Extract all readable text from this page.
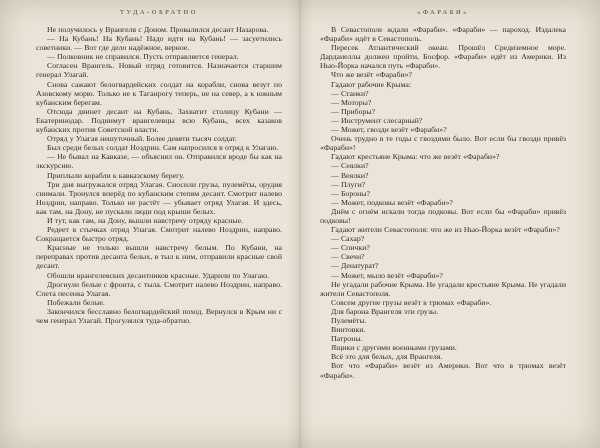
ТУДА-ОБРАТНО

Не получилось у Врангеля с Доном. Провалился десант Назарова.

— На Кубань! На Кубань! Надо идти на Кубань! — засуетились советники. — Вот где дело надёжное, верное.

— Полковник не справился. Пусть отправляется генерал.

Согласен Врангель. Новый отряд готовится. Назначается старшим генерал Улагай.

Снова сажают белогвардейских солдат на корабли, снова везут по Азовскому морю. Только не к Таганрогу теперь, не на север, а к южным кубанским берегам.

Отсюда двинет десант на Кубань. Захватит столицу Кубани — Екатеринодар. Поднимут врангелевцы всю Кубань, всех казаков кубанских против Советской власти.

Отряд у Улагая нешуточный. Более девяти тысяч солдат.

Был среди белых солдат Ноздрин. Сам напросился в отряд к Улагаю.

— Не бывал на Кавказе, — объяснял он. Отправился вроде бы как на экскурсию.

Приплыли корабли к кавказскому берегу.

Три дня выгружался отряд Улагая. Сносили грузы, пулемёты, орудия снимали. Тронулся вперёд по кубанским степям десант. Смотрит налево Ноздрин, направо. Только не растёт — убывает отряд Улагая. И здесь, как там, на Дону, не пускали люди под крыши белых.

И тут, как там, на Дону, вышли навстречу отряду красные.

Редеет в стычках отряд Улагая. Смотрит налево Ноздрин, направо. Сокращается быстро отряд.

Красные не только вышли навстречу белым. По Кубани, на переправах против десанта белых, в тыл к ним, отправили красные свой десант.

Обошли врангелевских десантников красные. Ударили по Улагаю.

Дрогнули белые с фронта, с тыла. Смотрит налево Ноздрин, направо. Спета песенка Улагая.

Побежали белые.

Закончился бесславно белогвардейский поход. Вернулся в Крым ни с чем генерал Улагай. Прогулялся туда-обратно.

«ФАРАБИ»

В Севастополе ждали «Фараби». «Фараби» — пароход. Издалека «Фараби» идёт в Севастополь.

Пересек Атлантический океан. Прошёл Средиземное море. Дарданеллы должен пройти, Босфор. «Фараби» идёт из Америки. Из Нью-Йорка начался путь «Фараби».

Что же везёт «Фараби»?

Гадают рабочие Крыма:

— Станки?

— Моторы?

— Приборы?

— Инструмент слесарный?

— Может, гвозди везёт «Фараби»?

Очень трудно в те годы с гвоздями было. Вот если бы гвозди привёз «Фараби»!

Гадают крестьяне Крыма: что же везёт «Фараби»?

— Сеялки?

— Веялки?

— Плуги?

— Бороны?

— Может, подковы везёт «Фараби»?

Днём с огнём искали тогда подковы. Вот если бы «Фараби» привёз подковы!

Гадают жители Севастополя: что же из Нью-Йорка везёт «Фараби»?

— Сахар?

— Спички?

— Свечи?

— Денатурат?

— Может, мыло везёт «Фараби»?

Не угадали рабочие Крыма. Не угадали крестьяне Крыма. Не угадали жители Севастополя.

Совсем другие грузы везёт в трюмах «Фараби».

Для барона Врангеля эти грузы.

Пулемёты.

Винтовки.

Патроны.

Ящики с другими военными грузами.

Всё это для белых, для Врангеля.

Вот что «Фараби» везёт из Америки. Вот что в трюмах везёт «Фараби».
